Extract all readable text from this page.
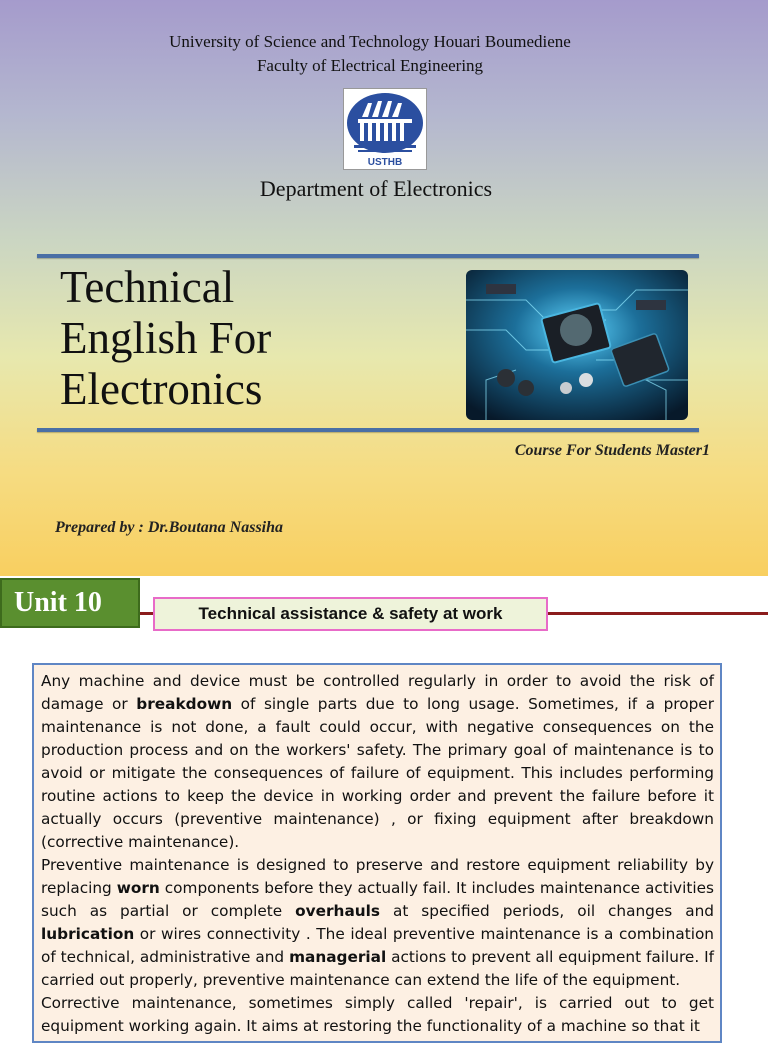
University of Science and Technology Houari Boumediene
Faculty of Electrical Engineering
USTHB
Department of Electronics
Technical
English For
Electronics
Course For Students Master1
Prepared by : Dr.Boutana Nassiha
Unit 10	Technical assistance & safety at work

Any machine and device must be controlled regularly in order to avoid the risk of damage or breakdown of single parts due to long usage. Sometimes, if a proper maintenance is not done, a fault could occur, with negative consequences on the production process and on the workers' safety. The primary goal of maintenance is to avoid or mitigate the consequences of failure of equipment. This includes performing routine actions to keep the device in working order and prevent the failure before it actually occurs (preventive maintenance) , or fixing equipment after breakdown (corrective maintenance).

Preventive maintenance is designed to preserve and restore equipment reliability by replacing worn components before they actually fail. It includes maintenance activities such as partial or complete overhauls at specified periods, oil changes and lubrication or wires connectivity . The ideal preventive maintenance is a combination of technical, administrative and managerial actions to prevent all equipment failure. If carried out properly, preventive maintenance can extend the life of the equipment.

Corrective maintenance, sometimes simply called 'repair', is carried out to get equipment working again. It aims at restoring the functionality of a machine so that it
